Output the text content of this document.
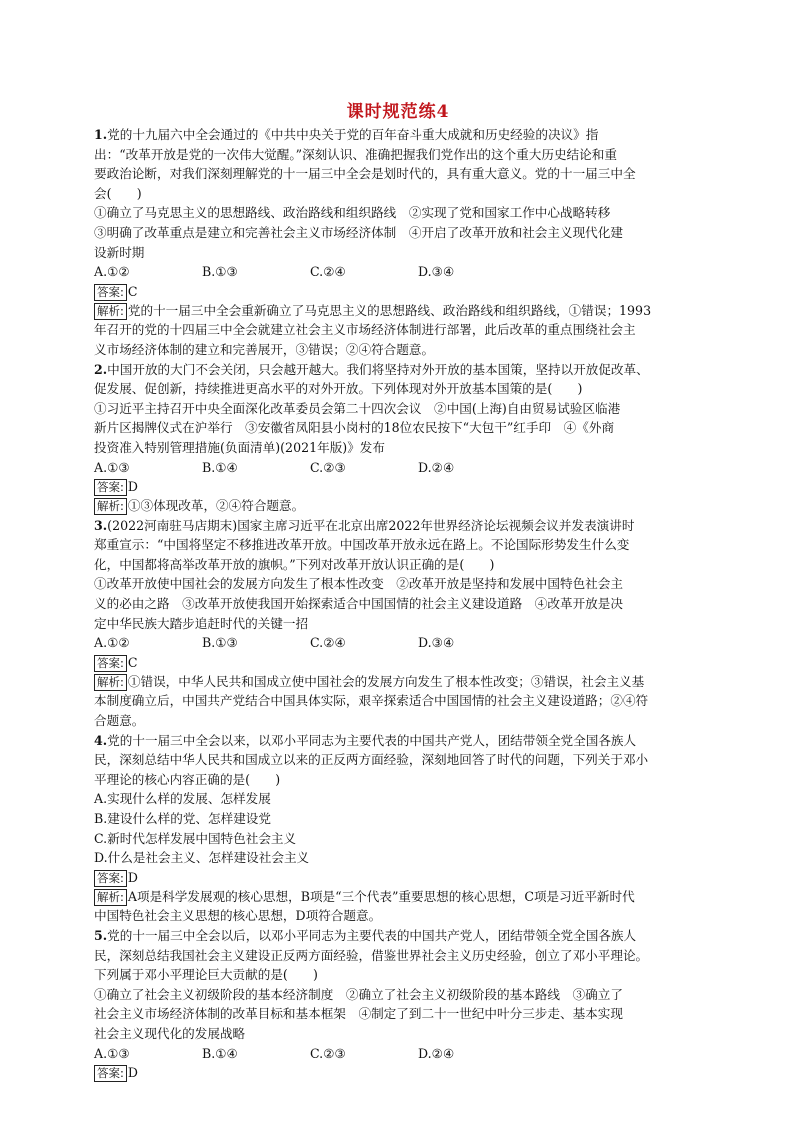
课时规范练4

1.党的十九届六中全会通过的《中共中央关于党的百年奋斗重大成就和历史经验的决议》指
出：“改革开放是党的一次伟大觉醒。”深刻认识、准确把握我们党作出的这个重大历史结论和重
要政治论断，对我们深刻理解党的十一届三中全会是划时代的，具有重大意义。党的十一届三中全
会(　　)
①确立了马克思主义的思想路线、政治路线和组织路线　②实现了党和国家工作中心战略转移
③明确了改革重点是建立和完善社会主义市场经济体制　④开启了改革开放和社会主义现代化建
设新时期

A.①②	B.①③	C.②④	D.③④

答案: C

解析: 党的十一届三中全会重新确立了马克思主义的思想路线、政治路线和组织路线，①错误；1993
年召开的党的十四届三中全会就建立社会主义市场经济体制进行部署，此后改革的重点围绕社会主
义市场经济体制的建立和完善展开，③错误；②④符合题意。

2.中国开放的大门不会关闭，只会越开越大。我们将坚持对外开放的基本国策，坚持以开放促改革、
促发展、促创新，持续推进更高水平的对外开放。下列体现对外开放基本国策的是(　　)
①习近平主持召开中央全面深化改革委员会第二十四次会议　②中国(上海)自由贸易试验区临港
新片区揭牌仪式在沪举行　③安徽省凤阳县小岗村的18位农民按下“大包干”红手印　④《外商
投资准入特别管理措施(负面清单)(2021年版)》发布

A.①③	B.①④	C.②③	D.②④

答案: D

解析: ①③体现改革，②④符合题意。

3.(2022河南驻马店期末)国家主席习近平在北京出席2022年世界经济论坛视频会议并发表演讲时
郑重宣示：“中国将坚定不移推进改革开放。中国改革开放永远在路上。不论国际形势发生什么变
化，中国都将高举改革开放的旗帜。”下列对改革开放认识正确的是(　　)
①改革开放使中国社会的发展方向发生了根本性改变　②改革开放是坚持和发展中国特色社会主
义的必由之路　③改革开放使我国开始探索适合中国国情的社会主义建设道路　④改革开放是决
定中华民族大踏步追赶时代的关键一招

A.①②	B.①③	C.②④	D.③④

答案: C

解析: ①错误，中华人民共和国成立使中国社会的发展方向发生了根本性改变；③错误，社会主义基
本制度确立后，中国共产党结合中国具体实际，艰辛探索适合中国国情的社会主义建设道路；②④符
合题意。

4.党的十一届三中全会以来，以邓小平同志为主要代表的中国共产党人，团结带领全党全国各族人
民，深刻总结中华人民共和国成立以来的正反两方面经验，深刻地回答了时代的问题，下列关于邓小
平理论的核心内容正确的是(　　)
A.实现什么样的发展、怎样发展
B.建设什么样的党、怎样建设党
C.新时代怎样发展中国特色社会主义
D.什么是社会主义、怎样建设社会主义

答案: D

解析: A项是科学发展观的核心思想，B项是“三个代表”重要思想的核心思想，C项是习近平新时代
中国特色社会主义思想的核心思想，D项符合题意。

5.党的十一届三中全会以后，以邓小平同志为主要代表的中国共产党人，团结带领全党全国各族人
民，深刻总结我国社会主义建设正反两方面经验，借鉴世界社会主义历史经验，创立了邓小平理论。
下列属于邓小平理论巨大贡献的是(　　)
①确立了社会主义初级阶段的基本经济制度　②确立了社会主义初级阶段的基本路线　③确立了
社会主义市场经济体制的改革目标和基本框架　④制定了到二十一世纪中叶分三步走、基本实现
社会主义现代化的发展战略

A.①③	B.①④	C.②③	D.②④

答案: D
